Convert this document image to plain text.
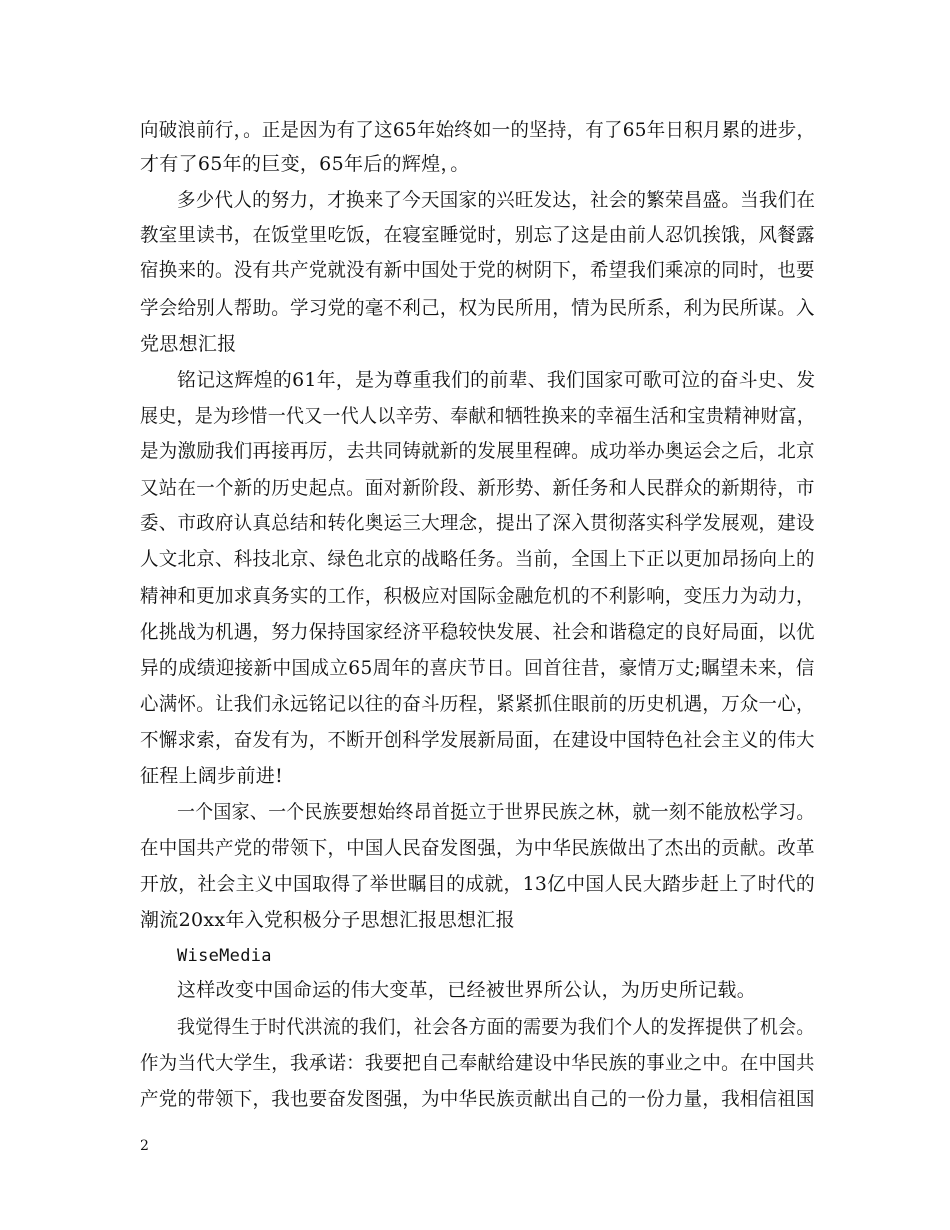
向破浪前行，。正是因为有了这65年始终如一的坚持，有了65年日积月累的进步，
才有了65年的巨变，65年后的辉煌，。
多少代人的努力，才换来了今天国家的兴旺发达，社会的繁荣昌盛。当我们在
教室里读书，在饭堂里吃饭，在寝室睡觉时，别忘了这是由前人忍饥挨饿，风餐露
宿换来的。没有共产党就没有新中国处于党的树阴下，希望我们乘凉的同时，也要
学会给别人帮助。学习党的毫不利己，权为民所用，情为民所系，利为民所谋。入
党思想汇报
铭记这辉煌的61年，是为尊重我们的前辈、我们国家可歌可泣的奋斗史、发
展史，是为珍惜一代又一代人以辛劳、奉献和牺牲换来的幸福生活和宝贵精神财富，
是为激励我们再接再厉，去共同铸就新的发展里程碑。成功举办奥运会之后，北京
又站在一个新的历史起点。面对新阶段、新形势、新任务和人民群众的新期待，市
委、市政府认真总结和转化奥运三大理念，提出了深入贯彻落实科学发展观，建设
人文北京、科技北京、绿色北京的战略任务。当前，全国上下正以更加昂扬向上的
精神和更加求真务实的工作，积极应对国际金融危机的不利影响，变压力为动力，
化挑战为机遇，努力保持国家经济平稳较快发展、社会和谐稳定的良好局面，以优
异的成绩迎接新中国成立65周年的喜庆节日。回首往昔，豪情万丈;瞩望未来，信
心满怀。让我们永远铭记以往的奋斗历程，紧紧抓住眼前的历史机遇，万众一心，
不懈求索，奋发有为，不断开创科学发展新局面，在建设中国特色社会主义的伟大
征程上阔步前进!
一个国家、一个民族要想始终昂首挺立于世界民族之林，就一刻不能放松学习。
在中国共产党的带领下，中国人民奋发图强，为中华民族做出了杰出的贡献。改革
开放，社会主义中国取得了举世瞩目的成就，13亿中国人民大踏步赶上了时代的
潮流20xx年入党积极分子思想汇报思想汇报
WiseMedia
这样改变中国命运的伟大变革，已经被世界所公认，为历史所记载。
我觉得生于时代洪流的我们，社会各方面的需要为我们个人的发挥提供了机会。
作为当代大学生，我承诺：我要把自己奉献给建设中华民族的事业之中。在中国共
产党的带领下，我也要奋发图强，为中华民族贡献出自己的一份力量，我相信祖国
2
